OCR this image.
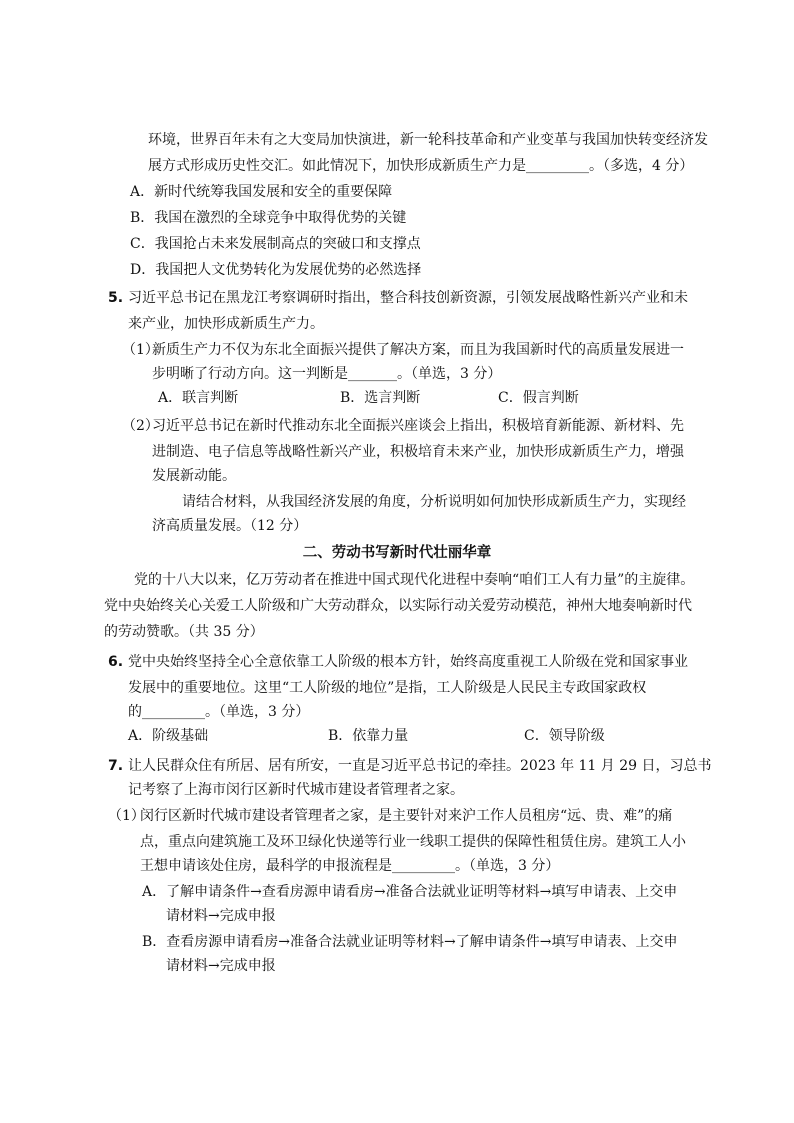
环境，世界百年未有之大变局加快演进，新一轮科技革命和产业变革与我国加快转变经济发
展方式形成历史性交汇。如此情况下，加快形成新质生产力是_________。（多选，4 分）
A．新时代统筹我国发展和安全的重要保障
B．我国在激烈的全球竞争中取得优势的关键
C．我国抢占未来发展制高点的突破口和支撑点
D．我国把人文优势转化为发展优势的必然选择
5. 习近平总书记在黑龙江考察调研时指出，整合科技创新资源，引领发展战略性新兴产业和未
来产业，加快形成新质生产力。
（1）
新质生产力不仅为东北全面振兴提供了解决方案，而且为我国新时代的高质量发展进一
步明晰了行动方向。这一判断是_______。（单选，3 分）
A．联言判断	B．选言判断	C．假言判断
（2）
习近平总书记在新时代推动东北全面振兴座谈会上指出，积极培育新能源、新材料、先
进制造、电子信息等战略性新兴产业，积极培育未来产业，加快形成新质生产力，增强
发展新动能。
请结合材料，从我国经济发展的角度，分析说明如何加快形成新质生产力，实现经
济高质量发展。（12 分）
二、劳动书写新时代壮丽华章
党的十八大以来，亿万劳动者在推进中国式现代化进程中奏响“咱们工人有力量”的主旋律。
党中央始终关心关爱工人阶级和广大劳动群众，以实际行动关爱劳动模范，神州大地奏响新时代
的劳动赞歌。（共 35 分）
6. 党中央始终坚持全心全意依靠工人阶级的根本方针，始终高度重视工人阶级在党和国家事业
发展中的重要地位。这里“工人阶级的地位”是指，工人阶级是人民民主专政国家政权
的_________。（单选，3 分）
A．阶级基础	B．依靠力量	C．领导阶级
7. 让人民群众住有所居、居有所安，一直是习近平总书记的牵挂。2023 年 11 月 29 日，习总书
记考察了上海市闵行区新时代城市建设者管理者之家。
（1）
闵行区新时代城市建设者管理者之家，是主要针对来沪工作人员租房“远、贵、难”的痛
点，重点向建筑施工及环卫绿化快递等行业一线职工提供的保障性租赁住房。建筑工人小
王想申请该处住房，最科学的申报流程是_________。（单选，3 分）
A．了解申请条件→查看房源申请看房→准备合法就业证明等材料→填写申请表、上交申
请材料→完成申报
B．查看房源申请看房→准备合法就业证明等材料→了解申请条件→填写申请表、上交申
请材料→完成申报
